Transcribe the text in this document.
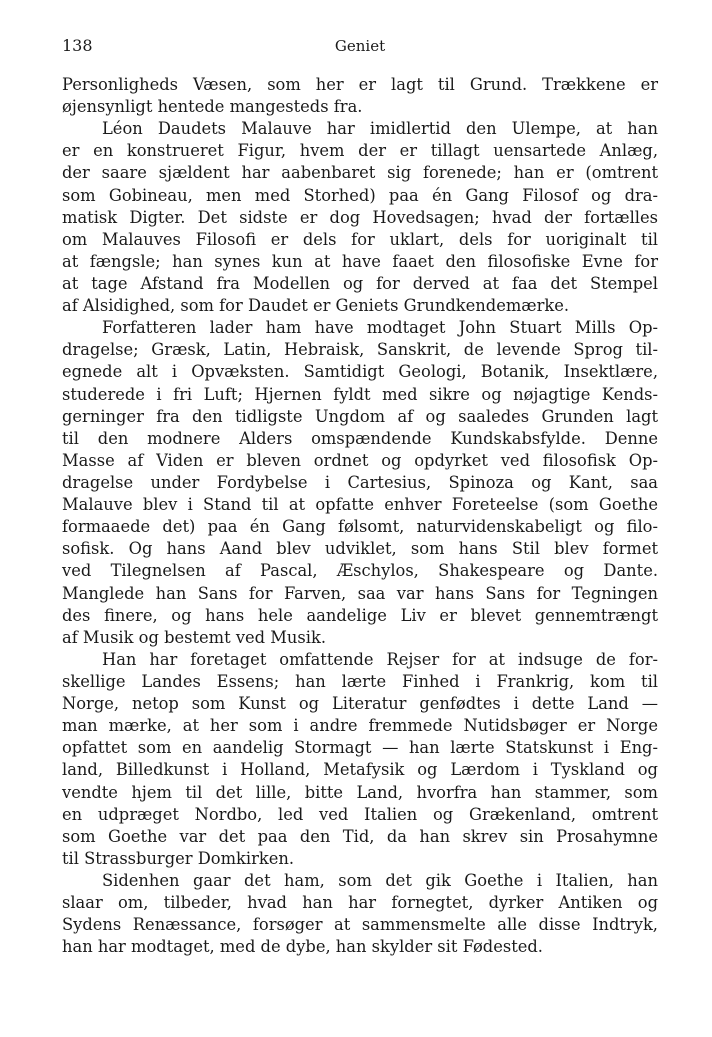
138	Geniet
Personligheds Væsen, som her er lagt til Grund. Trækkene er
øjensynligt hentede mangesteds fra.
Léon Daudets Malauve har imidlertid den Ulempe, at han
er en konstrueret Figur, hvem der er tillagt uensartede Anlæg,
der saare sjældent har aabenbaret sig forenede; han er (omtrent
som Gobineau, men med Storhed) paa én Gang Filosof og dra-
matisk Digter. Det sidste er dog Hovedsagen; hvad der fortælles
om Malauves Filosofi er dels for uklart, dels for uoriginalt til
at fængsle; han synes kun at have faaet den filosofiske Evne for
at tage Afstand fra Modellen og for derved at faa det Stempel
af Alsidighed, som for Daudet er Geniets Grundkendemærke.
Forfatteren lader ham have modtaget John Stuart Mills Op-
dragelse; Græsk, Latin, Hebraisk, Sanskrit, de levende Sprog til-
egnede alt i Opvæksten. Samtidigt Geologi, Botanik, Insektlære,
studerede i fri Luft; Hjernen fyldt med sikre og nøjagtige Kends-
gerninger fra den tidligste Ungdom af og saaledes Grunden lagt
til den modnere Alders omspændende Kundskabsfylde. Denne
Masse af Viden er bleven ordnet og opdyrket ved filosofisk Op-
dragelse under Fordybelse i Cartesius, Spinoza og Kant, saa
Malauve blev i Stand til at opfatte enhver Foreteelse (som Goethe
formaaede det) paa én Gang følsomt, naturvidenskabeligt og filo-
sofisk. Og hans Aand blev udviklet, som hans Stil blev formet
ved Tilegnelsen af Pascal, Æschylos, Shakespeare og Dante.
Manglede han Sans for Farven, saa var hans Sans for Tegningen
des finere, og hans hele aandelige Liv er blevet gennemtrængt
af Musik og bestemt ved Musik.
Han har foretaget omfattende Rejser for at indsuge de for-
skellige Landes Essens; han lærte Finhed i Frankrig, kom til
Norge, netop som Kunst og Literatur genfødtes i dette Land —
man mærke, at her som i andre fremmede Nutidsbøger er Norge
opfattet som en aandelig Stormagt — han lærte Statskunst i Eng-
land, Billedkunst i Holland, Metafysik og Lærdom i Tyskland og
vendte hjem til det lille, bitte Land, hvorfra han stammer, som
en udpræget Nordbo, led ved Italien og Grækenland, omtrent
som Goethe var det paa den Tid, da han skrev sin Prosahymne
til Strassburger Domkirken.
Sidenhen gaar det ham, som det gik Goethe i Italien, han
slaar om, tilbeder, hvad han har fornegtet, dyrker Antiken og
Sydens Renæssance, forsøger at sammensmelte alle disse Indtryk,
han har modtaget, med de dybe, han skylder sit Fødested.
